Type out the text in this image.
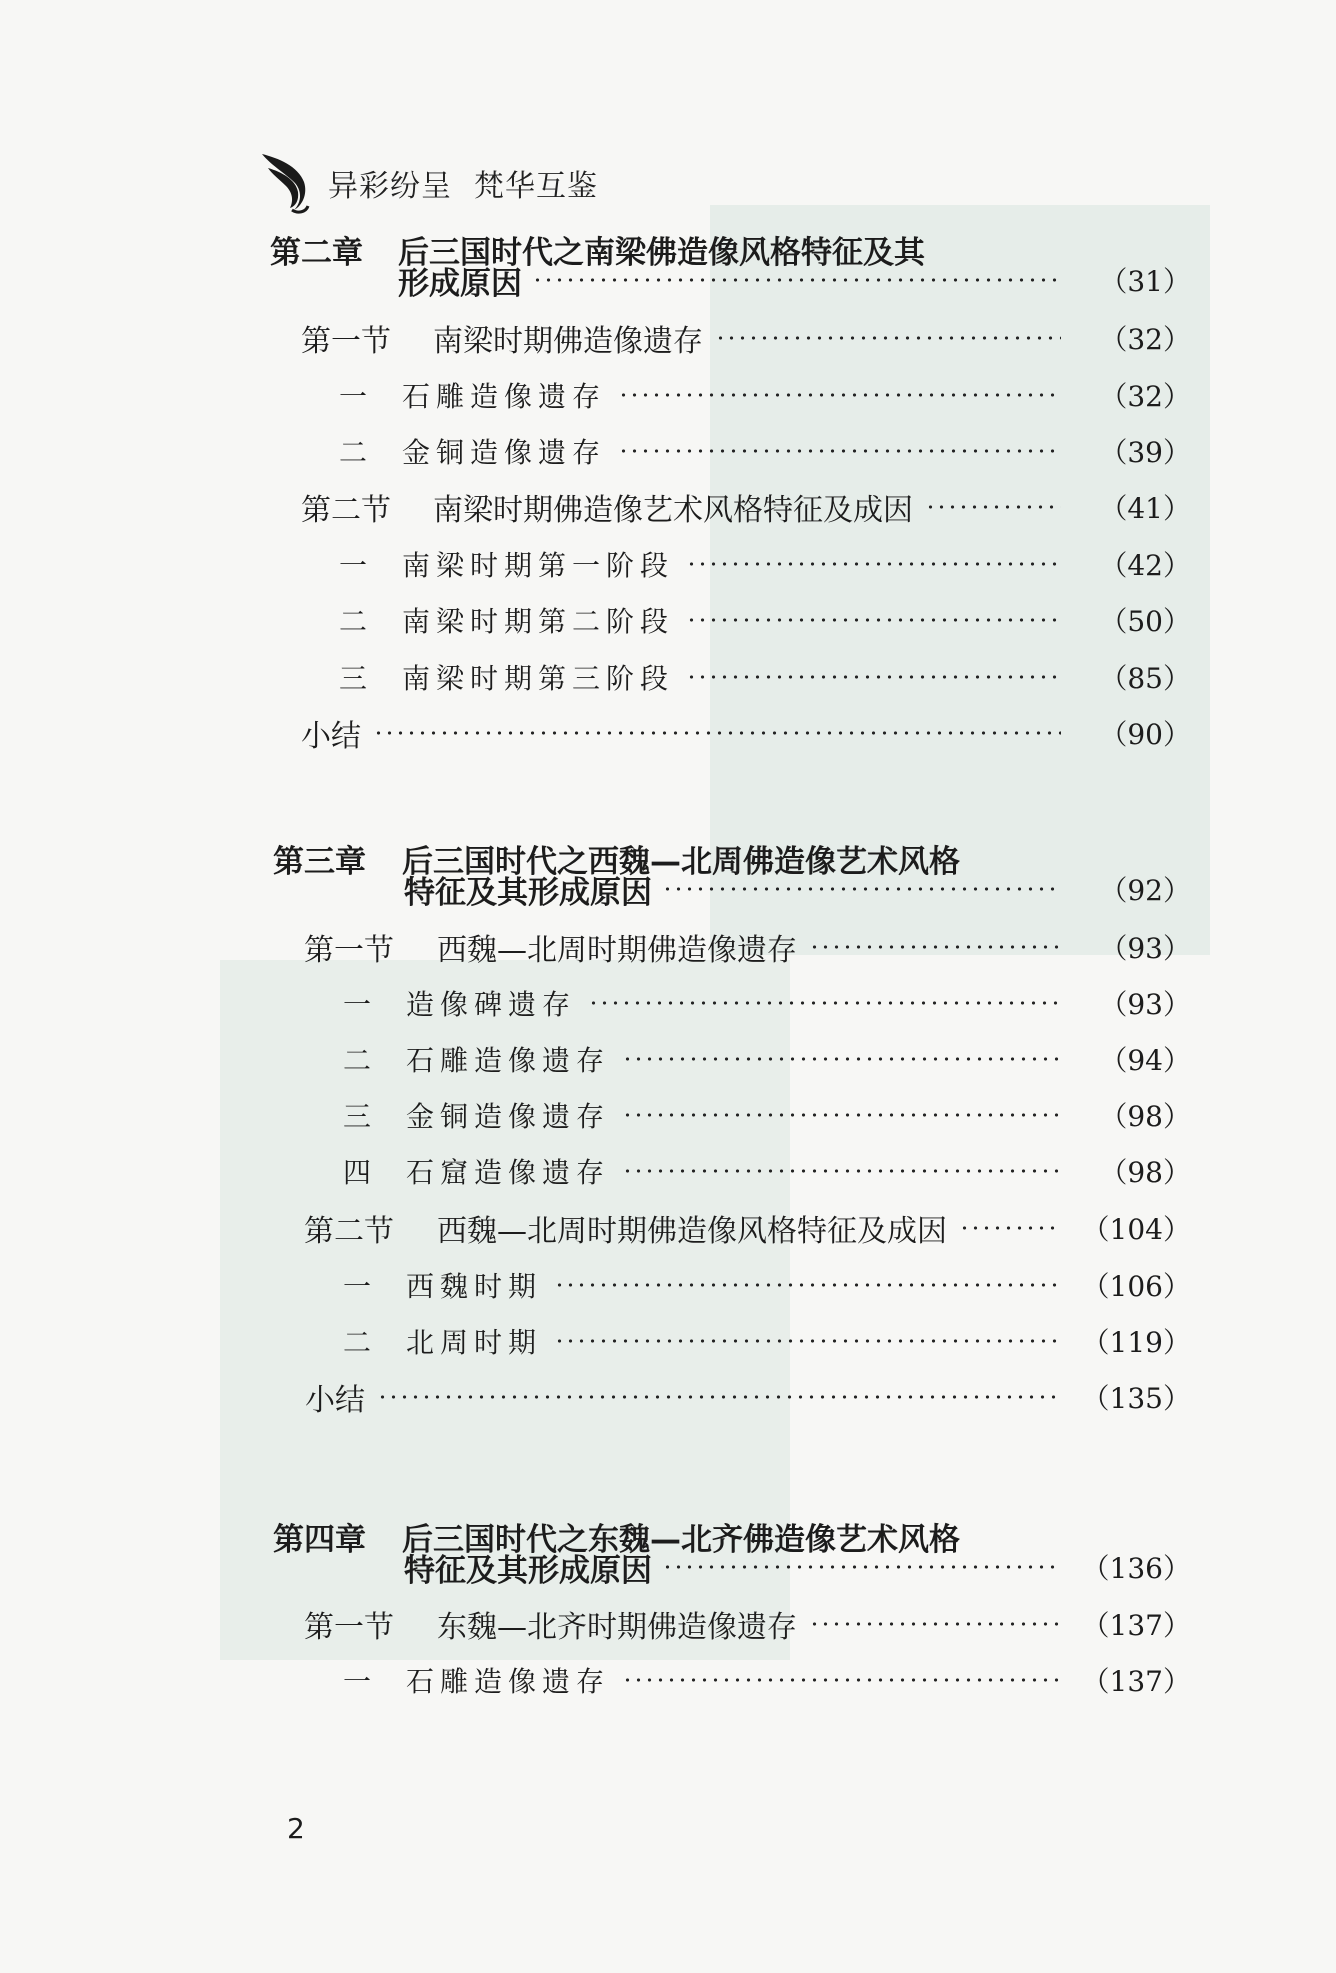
异彩纷呈 梵华互鉴
第二章 后三国时代之南梁佛造像风格特征及其
形成原因	（31）
第一节 南梁时期佛造像遗存	（32）
一 石雕造像遗存	（32）
二 金铜造像遗存	（39）
第二节 南梁时期佛造像艺术风格特征及成因	（41）
一 南梁时期第一阶段	（42）
二 南梁时期第二阶段	（50）
三 南梁时期第三阶段	（85）
小结	（90）
第三章 后三国时代之西魏—北周佛造像艺术风格
特征及其形成原因	（92）
第一节 西魏—北周时期佛造像遗存	（93）
一 造像碑遗存	（93）
二 石雕造像遗存	（94）
三 金铜造像遗存	（98）
四 石窟造像遗存	（98）
第二节 西魏—北周时期佛造像风格特征及成因	（104）
一 西魏时期	（106）
二 北周时期	（119）
小结	（135）
第四章 后三国时代之东魏—北齐佛造像艺术风格
特征及其形成原因	（136）
第一节 东魏—北齐时期佛造像遗存	（137）
一 石雕造像遗存	（137）
2
